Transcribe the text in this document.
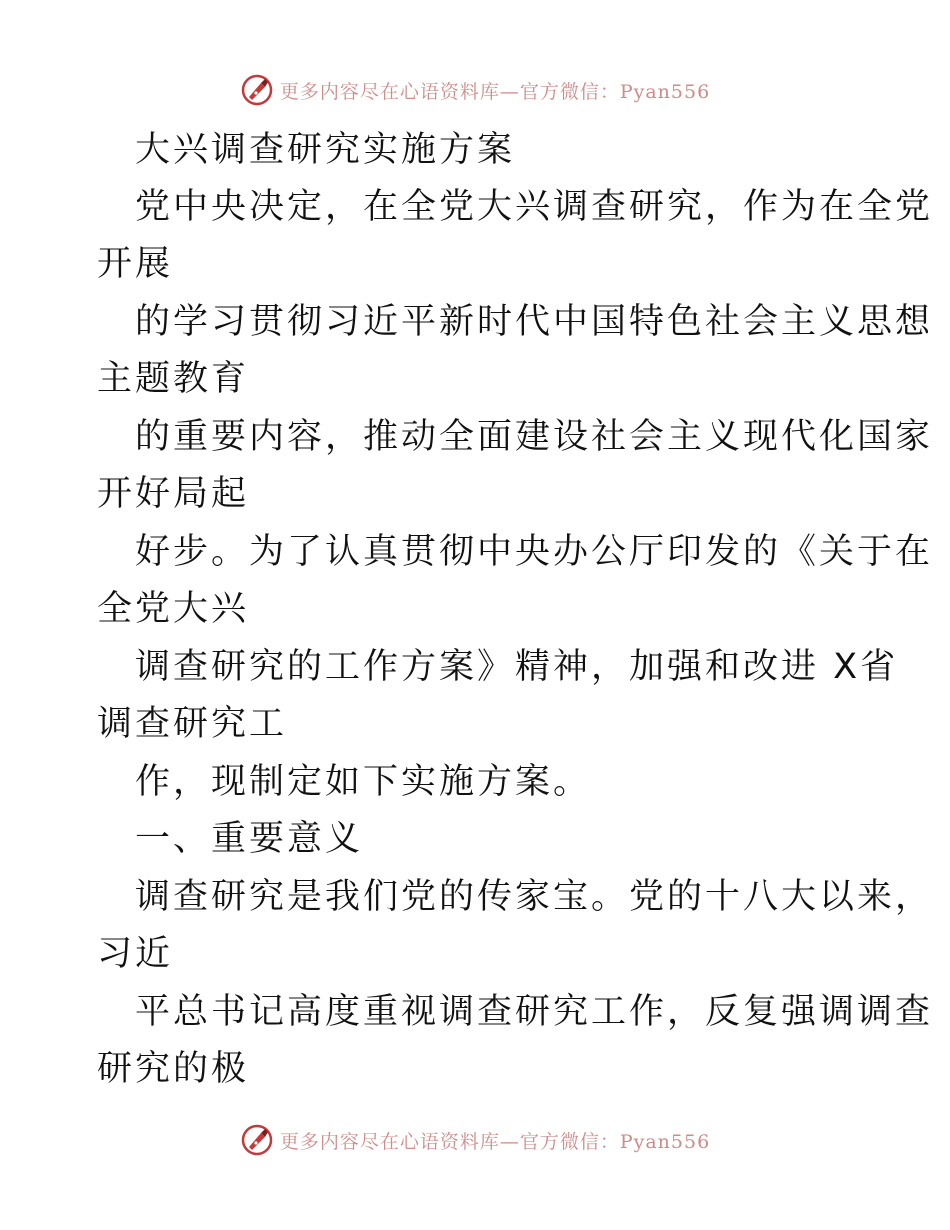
更多内容尽在心语资料库—官方微信：Pyan556
大兴调查研究实施方案
党中央决定，在全党大兴调查研究，作为在全党
开展
的学习贯彻习近平新时代中国特色社会主义思想
主题教育
的重要内容，推动全面建设社会主义现代化国家
开好局起
好步。为了认真贯彻中央办公厅印发的《关于在
全党大兴
调查研究的工作方案》精神，加强和改进 X省
调查研究工
作，现制定如下实施方案。
一、重要意义
调查研究是我们党的传家宝。党的十八大以来，
习近
平总书记高度重视调查研究工作，反复强调调查
研究的极
更多内容尽在心语资料库—官方微信：Pyan556
